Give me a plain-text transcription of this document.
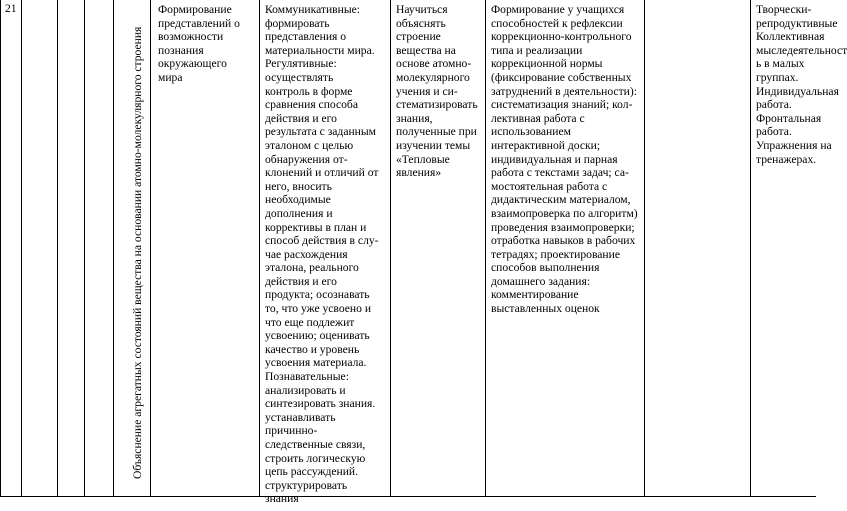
21
Объяснение агрегатных состояний вещества на основании атомно-молекулярного строения
Формирование
представлений о
возможности
познания
окружающего
мира
Коммуникативные:
формировать
представления о
материальности мира.
Регулятивные:
осуществлять
контроль в форме
сравнения способа
действия и его
результата с заданным
эталоном с целью
обнаружения от-
клонений и отличий от
него, вносить
необходимые
дополнения и
коррективы в план и
способ действия в слу-
чае расхождения
эталона, реального
действия и его
продукта; осознавать
то, что уже усвоено и
что еще подлежит
усвоению; оценивать
качество и уровень
усвоения материала.
Познавательные:
анализировать и
синтезировать знания.
устанавливать
причинно-
следственные связи,
строить логическую
цепь рассуждений.
структурировать
знания
Научиться
объяснять
строение
вещества на
основе атомно-
молекулярного
учения и си-
стематизировать
знания,
полученные при
изучении темы
«Тепловые
явления»
Формирование у учащихся
способностей к рефлексии
коррекционно-контрольного
типа и реализации
коррекционной нормы
(фиксирование собственных
затруднений в деятельности):
систематизация знаний; кол-
лективная работа с
использованием
интерактивной доски;
индивидуальная и парная
работа с текстами задач; са-
мостоятельная работа с
дидактическим материалом,
взаимопроверка по алгоритм)
проведения взаимопроверки;
отработка навыков в рабочих
тетрадях; проектирование
способов выполнения
домашнего задания:
комментирование
выставленных оценок
Творчески-
репродуктивные
Коллективная
мыследеятельност
ь в малых
группах.
Индивидуальная
работа.
Фронтальная
работа.
Упражнения на
тренажерах.
